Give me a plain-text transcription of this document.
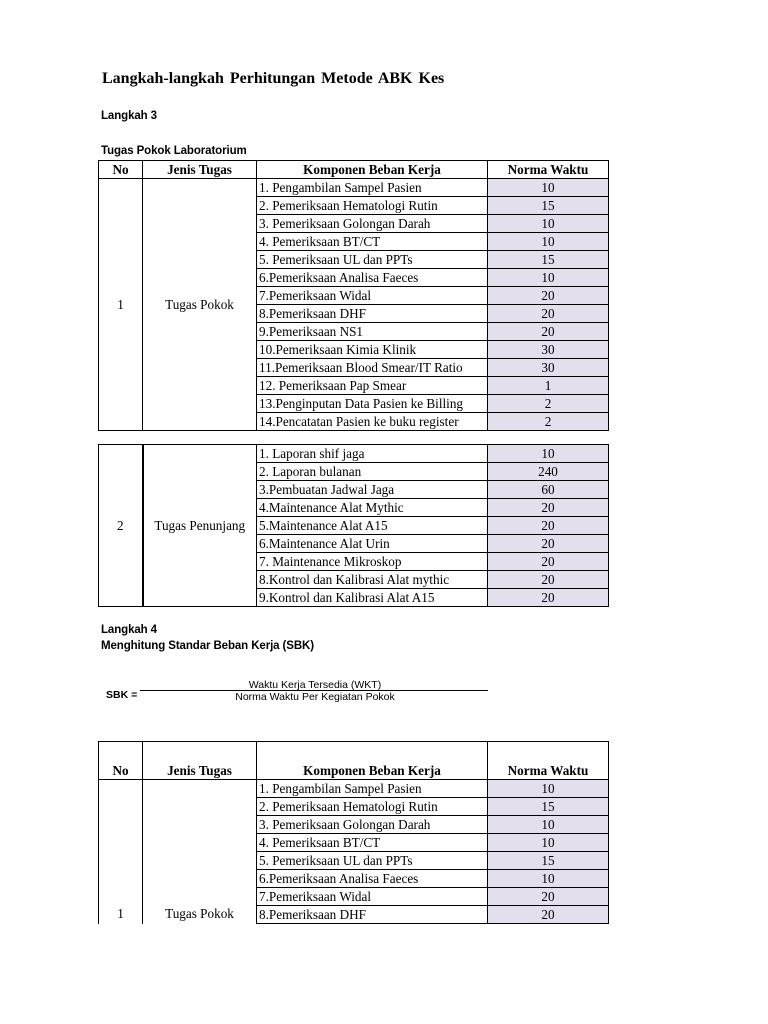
Langkah-langkah Perhitungan Metode ABK Kes
Langkah 3
Tugas Pokok Laboratorium
No	Jenis Tugas	Komponen Beban Kerja	Norma Waktu
1	Tugas Pokok	1. Pengambilan Sampel Pasien	10
		2. Pemeriksaan Hematologi Rutin	15
		3. Pemeriksaan Golongan Darah	10
		4. Pemeriksaan BT/CT	10
		5. Pemeriksaan UL dan PPTs	15
		6.Pemeriksaan Analisa Faeces	10
		7.Pemeriksaan Widal	20
		8.Pemeriksaan DHF	20
		9.Pemeriksaan NS1	20
		10.Pemeriksaan Kimia Klinik	30
		11.Pemeriksaan Blood Smear/IT Ratio	30
		12. Pemeriksaan Pap Smear	1
		13.Penginputan Data Pasien ke Billing	2
		14.Pencatatan Pasien ke buku register	2
2	Tugas Penunjang	1. Laporan shif jaga	10
		2. Laporan bulanan	240
		3.Pembuatan Jadwal Jaga	60
		4.Maintenance Alat Mythic	20
		5.Maintenance Alat A15	20
		6.Maintenance Alat Urin	20
		7. Maintenance Mikroskop	20
		8.Kontrol dan Kalibrasi Alat mythic	20
		9.Kontrol dan Kalibrasi Alat A15	20
Langkah 4
Menghitung Standar Beban Kerja (SBK)
SBK =
Waktu Kerja Tersedia (WKT)
Norma Waktu Per Kegiatan Pokok
No	Jenis Tugas	Komponen Beban Kerja	Norma Waktu
1	Tugas Pokok	1. Pengambilan Sampel Pasien	10
		2. Pemeriksaan Hematologi Rutin	15
		3. Pemeriksaan Golongan Darah	10
		4. Pemeriksaan BT/CT	10
		5. Pemeriksaan UL dan PPTs	15
		6.Pemeriksaan Analisa Faeces	10
		7.Pemeriksaan Widal	20
		8.Pemeriksaan DHF	20
